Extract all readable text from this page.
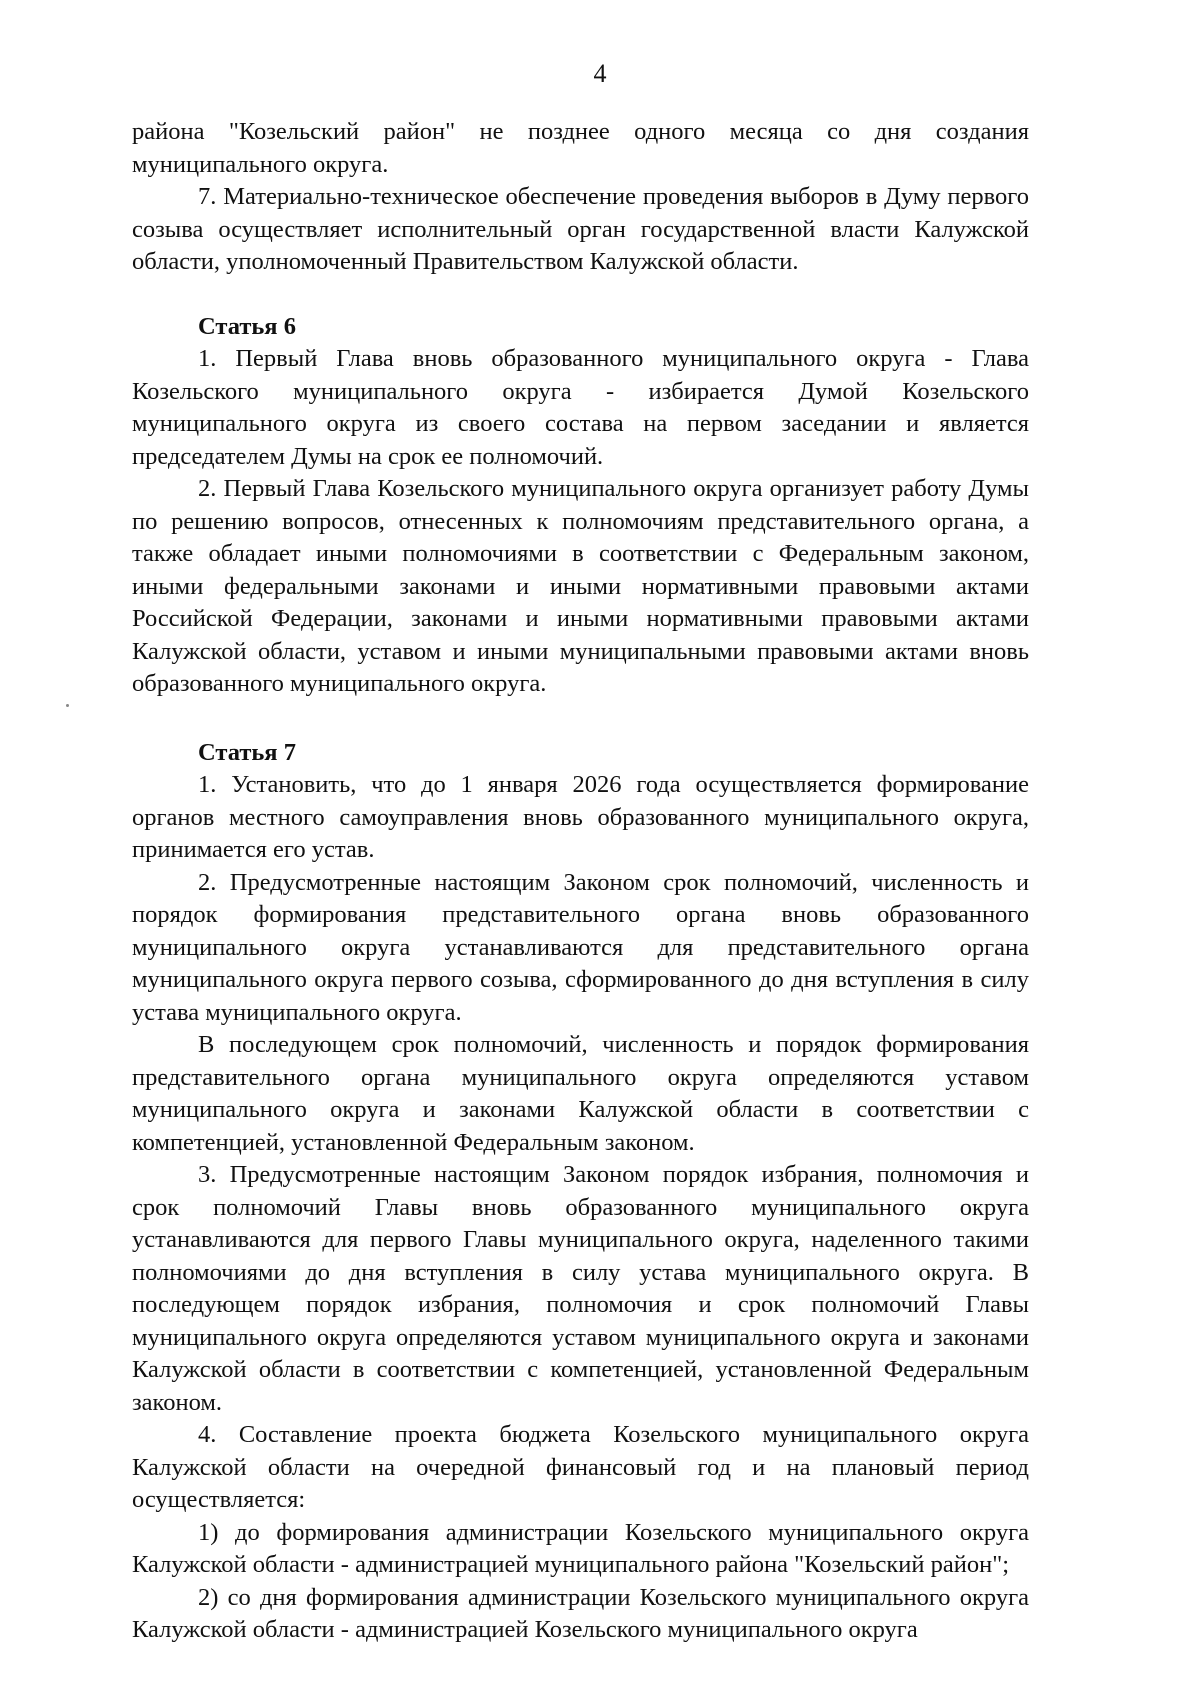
4

района "Козельский район" не позднее одного месяца со дня создания муниципального округа.

7. Материально-техническое обеспечение проведения выборов в Думу первого созыва осуществляет исполнительный орган государственной власти Калужской области, уполномоченный Правительством Калужской области.

Статья 6

1. Первый Глава вновь образованного муниципального округа - Глава Козельского муниципального округа - избирается Думой Козельского муниципального округа из своего состава на первом заседании и является председателем Думы на срок ее полномочий.

2. Первый Глава Козельского муниципального округа организует работу Думы по решению вопросов, отнесенных к полномочиям представительного органа, а также обладает иными полномочиями в соответствии с Федеральным законом, иными федеральными законами и иными нормативными правовыми актами Российской Федерации, законами и иными нормативными правовыми актами Калужской области, уставом и иными муниципальными правовыми актами вновь образованного муниципального округа.

Статья 7

1. Установить, что до 1 января 2026 года осуществляется формирование органов местного самоуправления вновь образованного муниципального округа, принимается его устав.

2. Предусмотренные настоящим Законом срок полномочий, численность и порядок формирования представительного органа вновь образованного муниципального округа устанавливаются для представительного органа муниципального округа первого созыва, сформированного до дня вступления в силу устава муниципального округа.

В последующем срок полномочий, численность и порядок формирования представительного органа муниципального округа определяются уставом муниципального округа и законами Калужской области в соответствии с компетенцией, установленной Федеральным законом.

3. Предусмотренные настоящим Законом порядок избрания, полномочия и срок полномочий Главы вновь образованного муниципального округа устанавливаются для первого Главы муниципального округа, наделенного такими полномочиями до дня вступления в силу устава муниципального округа. В последующем порядок избрания, полномочия и срок полномочий Главы муниципального округа определяются уставом муниципального округа и законами Калужской области в соответствии с компетенцией, установленной Федеральным законом.

4. Составление проекта бюджета Козельского муниципального округа Калужской области на очередной финансовый год и на плановый период осуществляется:

1) до формирования администрации Козельского муниципального округа Калужской области - администрацией муниципального района "Козельский район";

2) со дня формирования администрации Козельского муниципального округа Калужской области - администрацией Козельского муниципального округа
